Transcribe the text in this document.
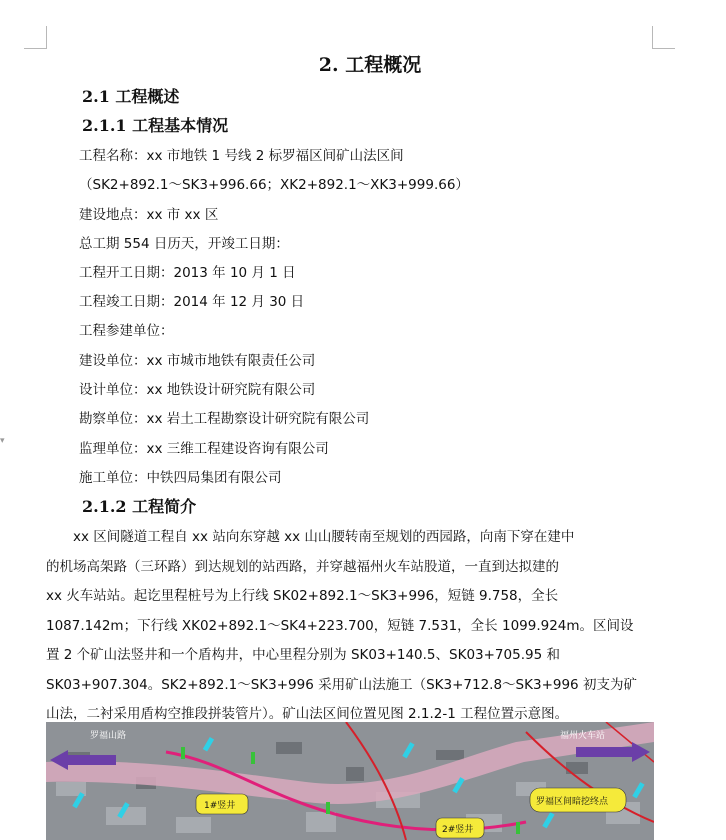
▾
2. 工程概况
2.1 工程概述
2.1.1 工程基本情况
工程名称：xx 市地铁 1 号线 2 标罗福区间矿山法区间
（SK2+892.1～SK3+996.66；XK2+892.1～XK3+999.66）
建设地点：xx 市 xx 区
总工期 554 日历天，开竣工日期：
工程开工日期：2013 年 10 月 1 日
工程竣工日期：2014 年 12 月 30 日
工程参建单位：
建设单位：xx 市城市地铁有限责任公司
设计单位：xx 地铁设计研究院有限公司
勘察单位：xx 岩土工程勘察设计研究院有限公司
监理单位：xx 三维工程建设咨询有限公司
施工单位：中铁四局集团有限公司
2.1.2 工程简介
　　xx 区间隧道工程自 xx 站向东穿越 xx 山山腰转南至规划的西园路，向南下穿在建中
的机场高架路（三环路）到达规划的站西路，并穿越福州火车站股道，一直到达拟建的
xx 火车站站。起讫里程桩号为上行线 SK02+892.1～SK3+996，短链 9.758，全长
1087.142m；下行线 XK02+892.1～SK4+223.700，短链 7.531，全长 1099.924m。区间设
置 2 个矿山法竖井和一个盾构井，中心里程分别为 SK03+140.5、SK03+705.95 和
SK03+907.304。SK2+892.1～SK3+996 采用矿山法施工（SK3+712.8～SK3+996 初支为矿
山法，二衬采用盾构空推段拼装管片）。矿山法区间位置见图 2.1.2-1 工程位置示意图。
罗福山路	福州火车站
1#竖井
2#竖井
罗福区间暗挖终点
